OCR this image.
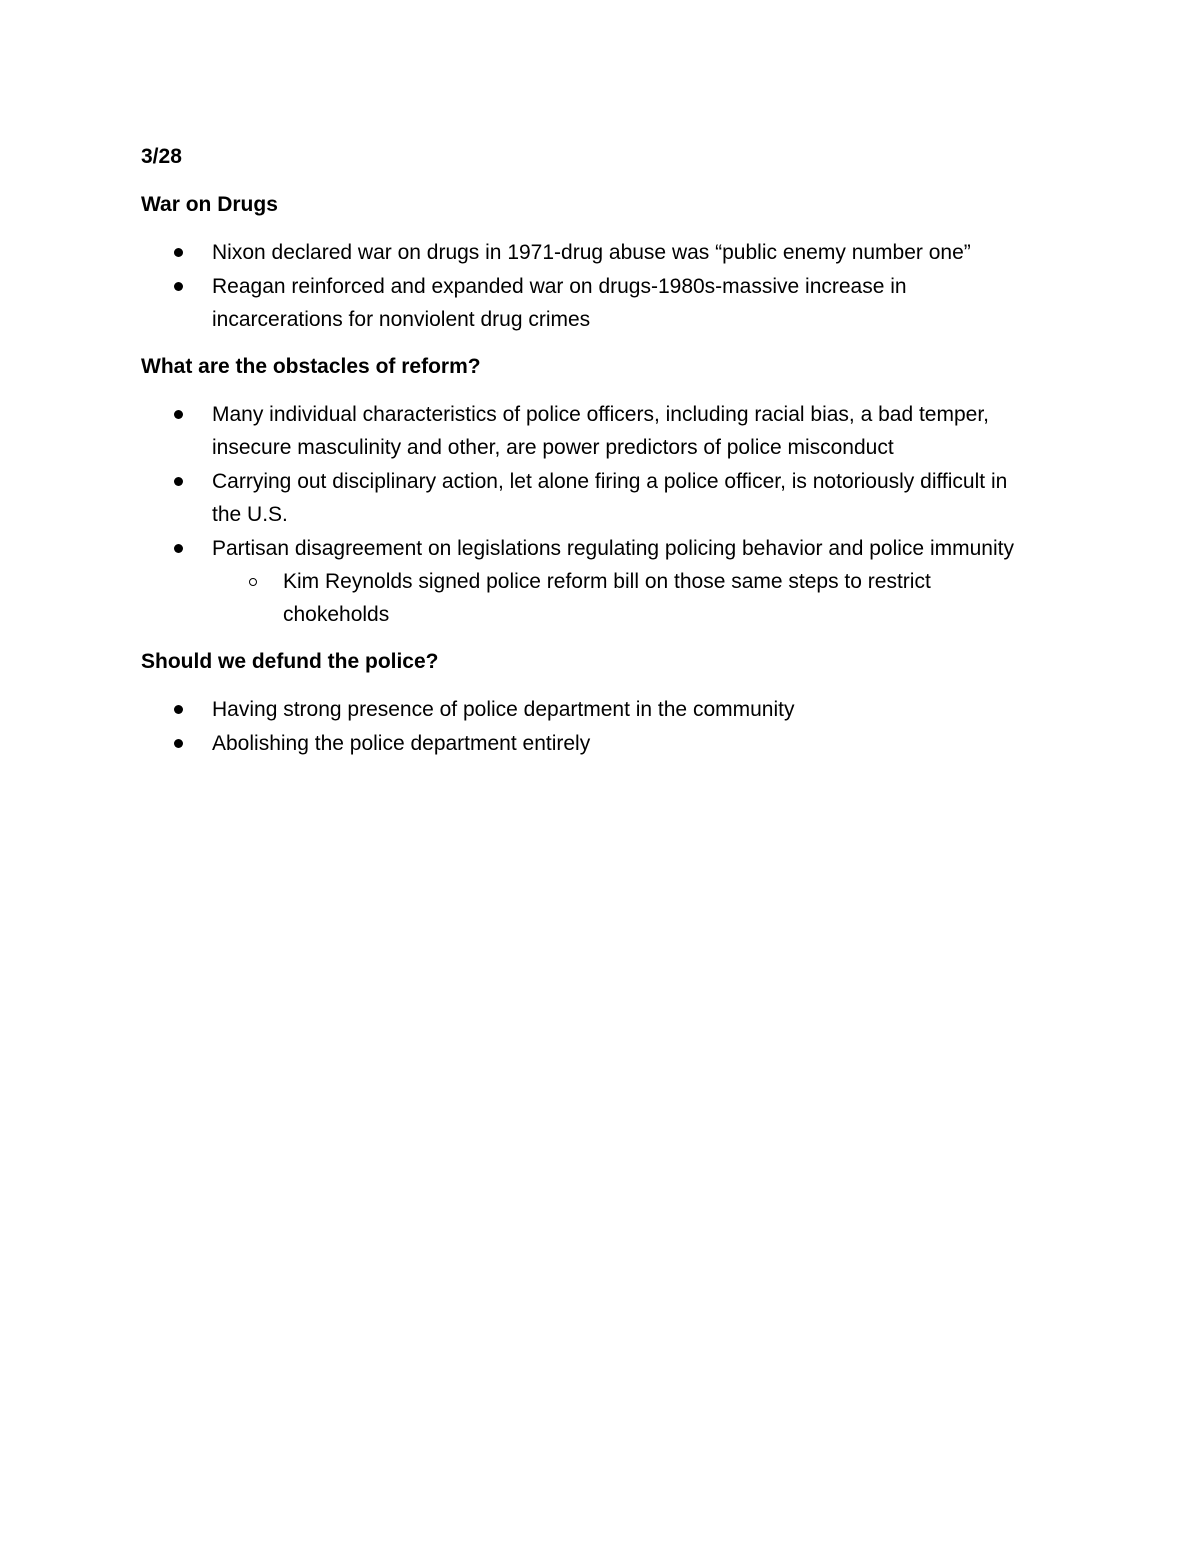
3/28

War on Drugs

Nixon declared war on drugs in 1971-drug abuse was “public enemy number one”
Reagan reinforced and expanded war on drugs-1980s-massive increase in incarcerations for nonviolent drug crimes

What are the obstacles of reform?

Many individual characteristics of police officers, including racial bias, a bad temper, insecure masculinity and other, are power predictors of police misconduct
Carrying out disciplinary action, let alone firing a police officer, is notoriously difficult in the U.S.
Partisan disagreement on legislations regulating policing behavior and police immunity
Kim Reynolds signed police reform bill on those same steps to restrict chokeholds

Should we defund the police?

Having strong presence of police department in the community
Abolishing the police department entirely
